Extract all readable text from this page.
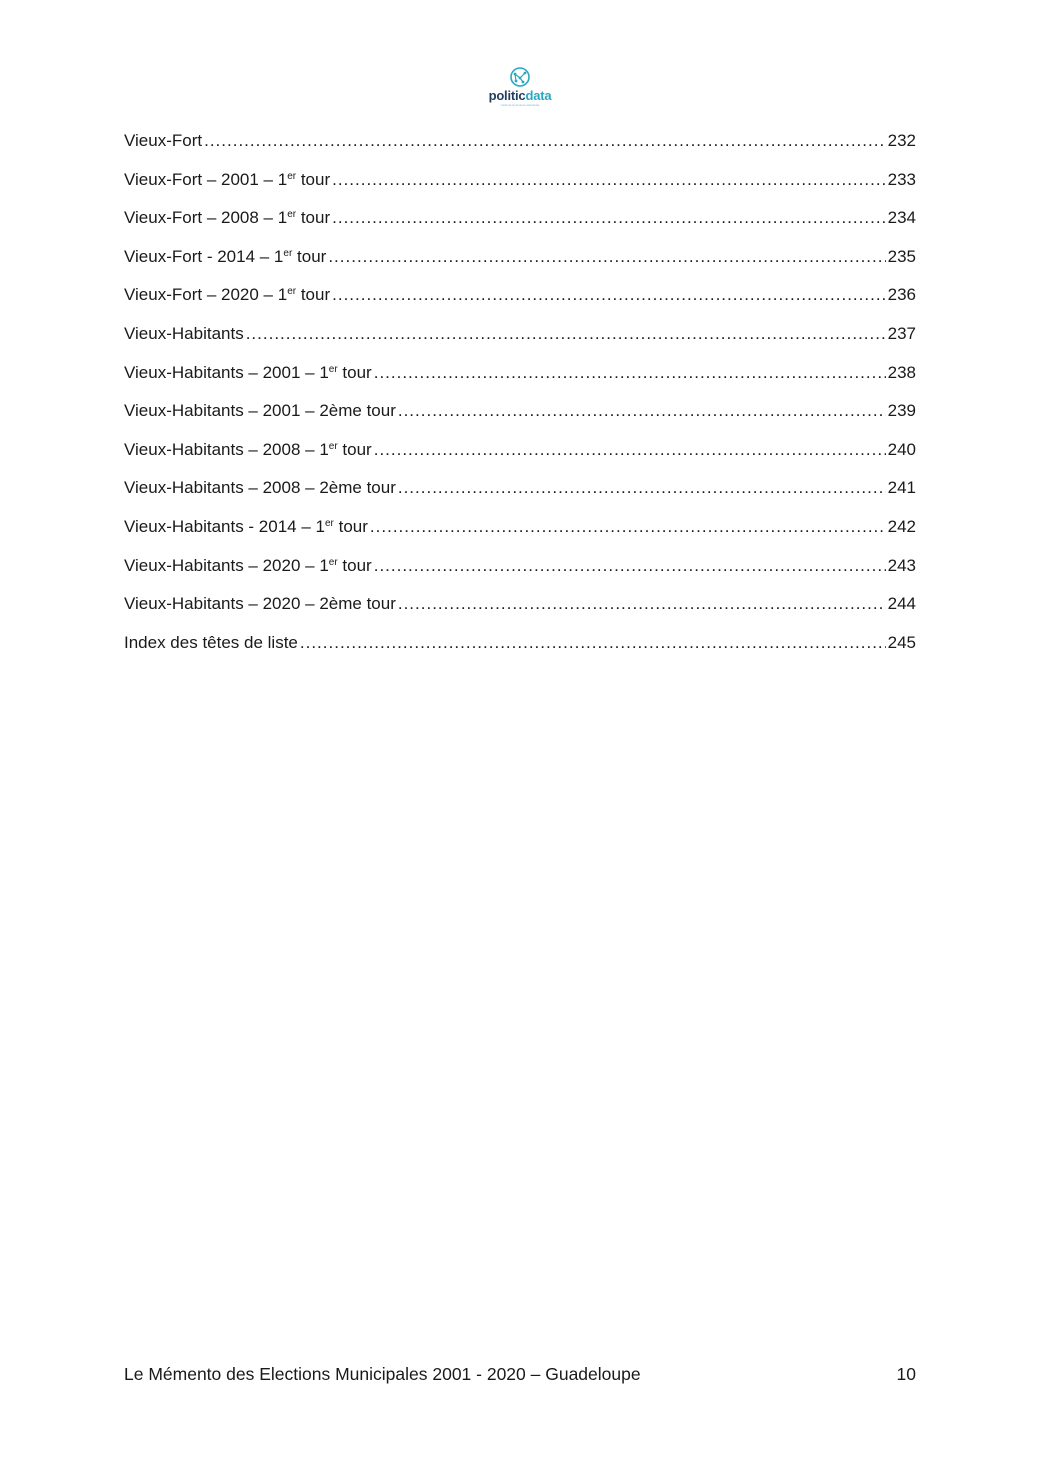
politicdata
l'outil de la donnée électorale
Vieux-Fort .....	232
Vieux-Fort – 2001 – 1er tour .....	233
Vieux-Fort – 2008 – 1er tour .....	234
Vieux-Fort - 2014 – 1er tour .....	235
Vieux-Fort – 2020 – 1er tour .....	236
Vieux-Habitants .....	237
Vieux-Habitants – 2001 – 1er tour .....	238
Vieux-Habitants – 2001 – 2ème tour .....	239
Vieux-Habitants – 2008 – 1er tour .....	240
Vieux-Habitants – 2008 – 2ème tour .....	241
Vieux-Habitants - 2014 – 1er tour .....	242
Vieux-Habitants – 2020 – 1er tour .....	243
Vieux-Habitants – 2020 – 2ème tour .....	244
Index des têtes de liste .....	245
Le Mémento des Elections Municipales 2001 - 2020 – Guadeloupe	10
